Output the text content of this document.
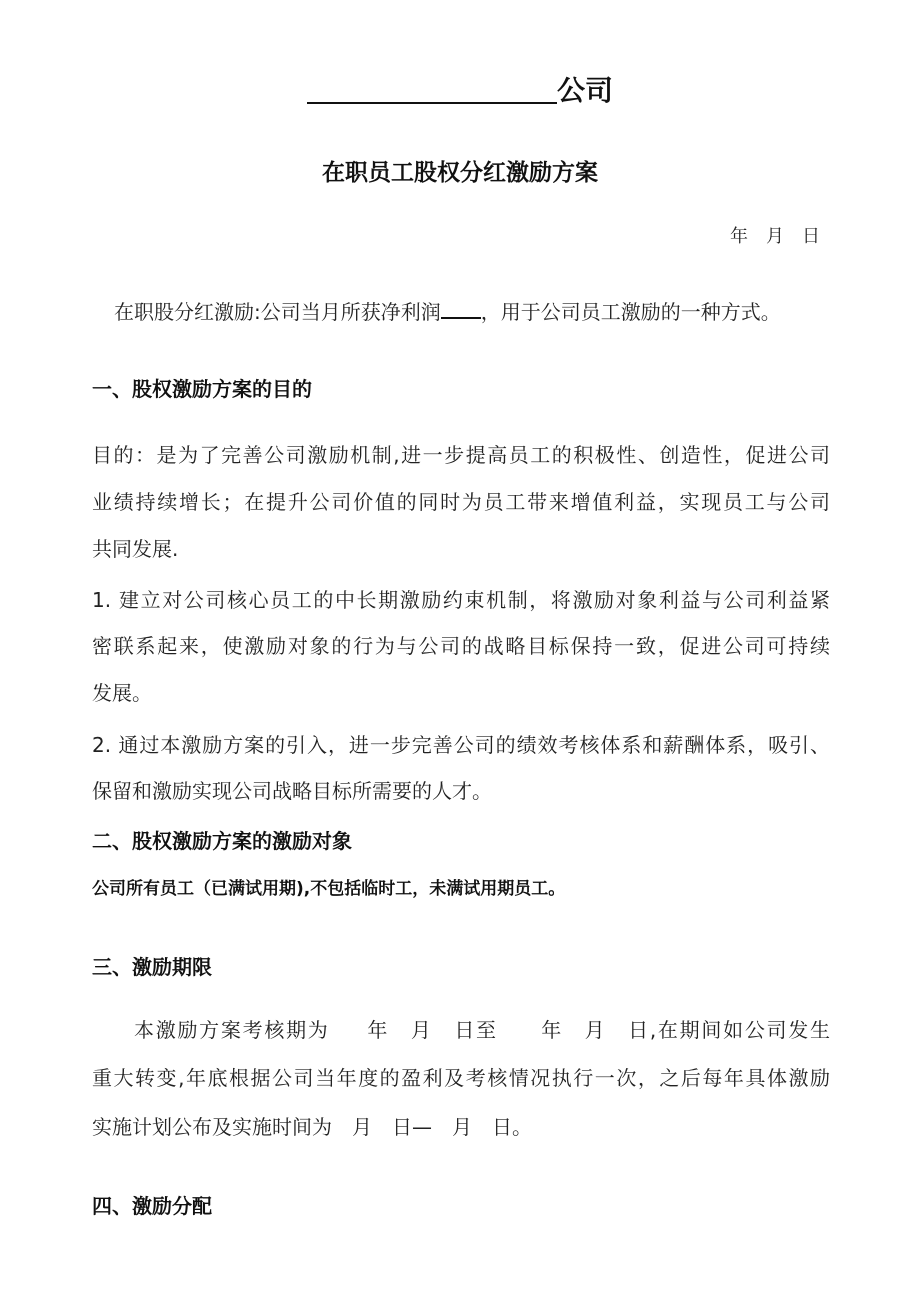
公司
在职员工股权分红激励方案
年　月　日
在职股分红激励:公司当月所获净利润 ，用于公司员工激励的一种方式。
一、股权激励方案的目的
目的：是为了完善公司激励机制,进一步提高员工的积极性、创造性，促进公司
业绩持续增长；在提升公司价值的同时为员工带来增值利益，实现员工与公司
共同发展.
1. 建立对公司核心员工的中长期激励约束机制，将激励对象利益与公司利益紧
密联系起来，使激励对象的行为与公司的战略目标保持一致，促进公司可持续
发展。
2. 通过本激励方案的引入，进一步完善公司的绩效考核体系和薪酬体系，吸引、
保留和激励实现公司战略目标所需要的人才。
二、股权激励方案的激励对象
公司所有员工（已满试用期),不包括临时工，未满试用期员工。
三、激励期限
本激励方案考核期为　  年　月　日至　　年　月　日,在期间如公司发生
重大转变,年底根据公司当年度的盈利及考核情况执行一次，之后每年具体激励
实施计划公布及实施时间为　月　日—　月　日。
四、激励分配
